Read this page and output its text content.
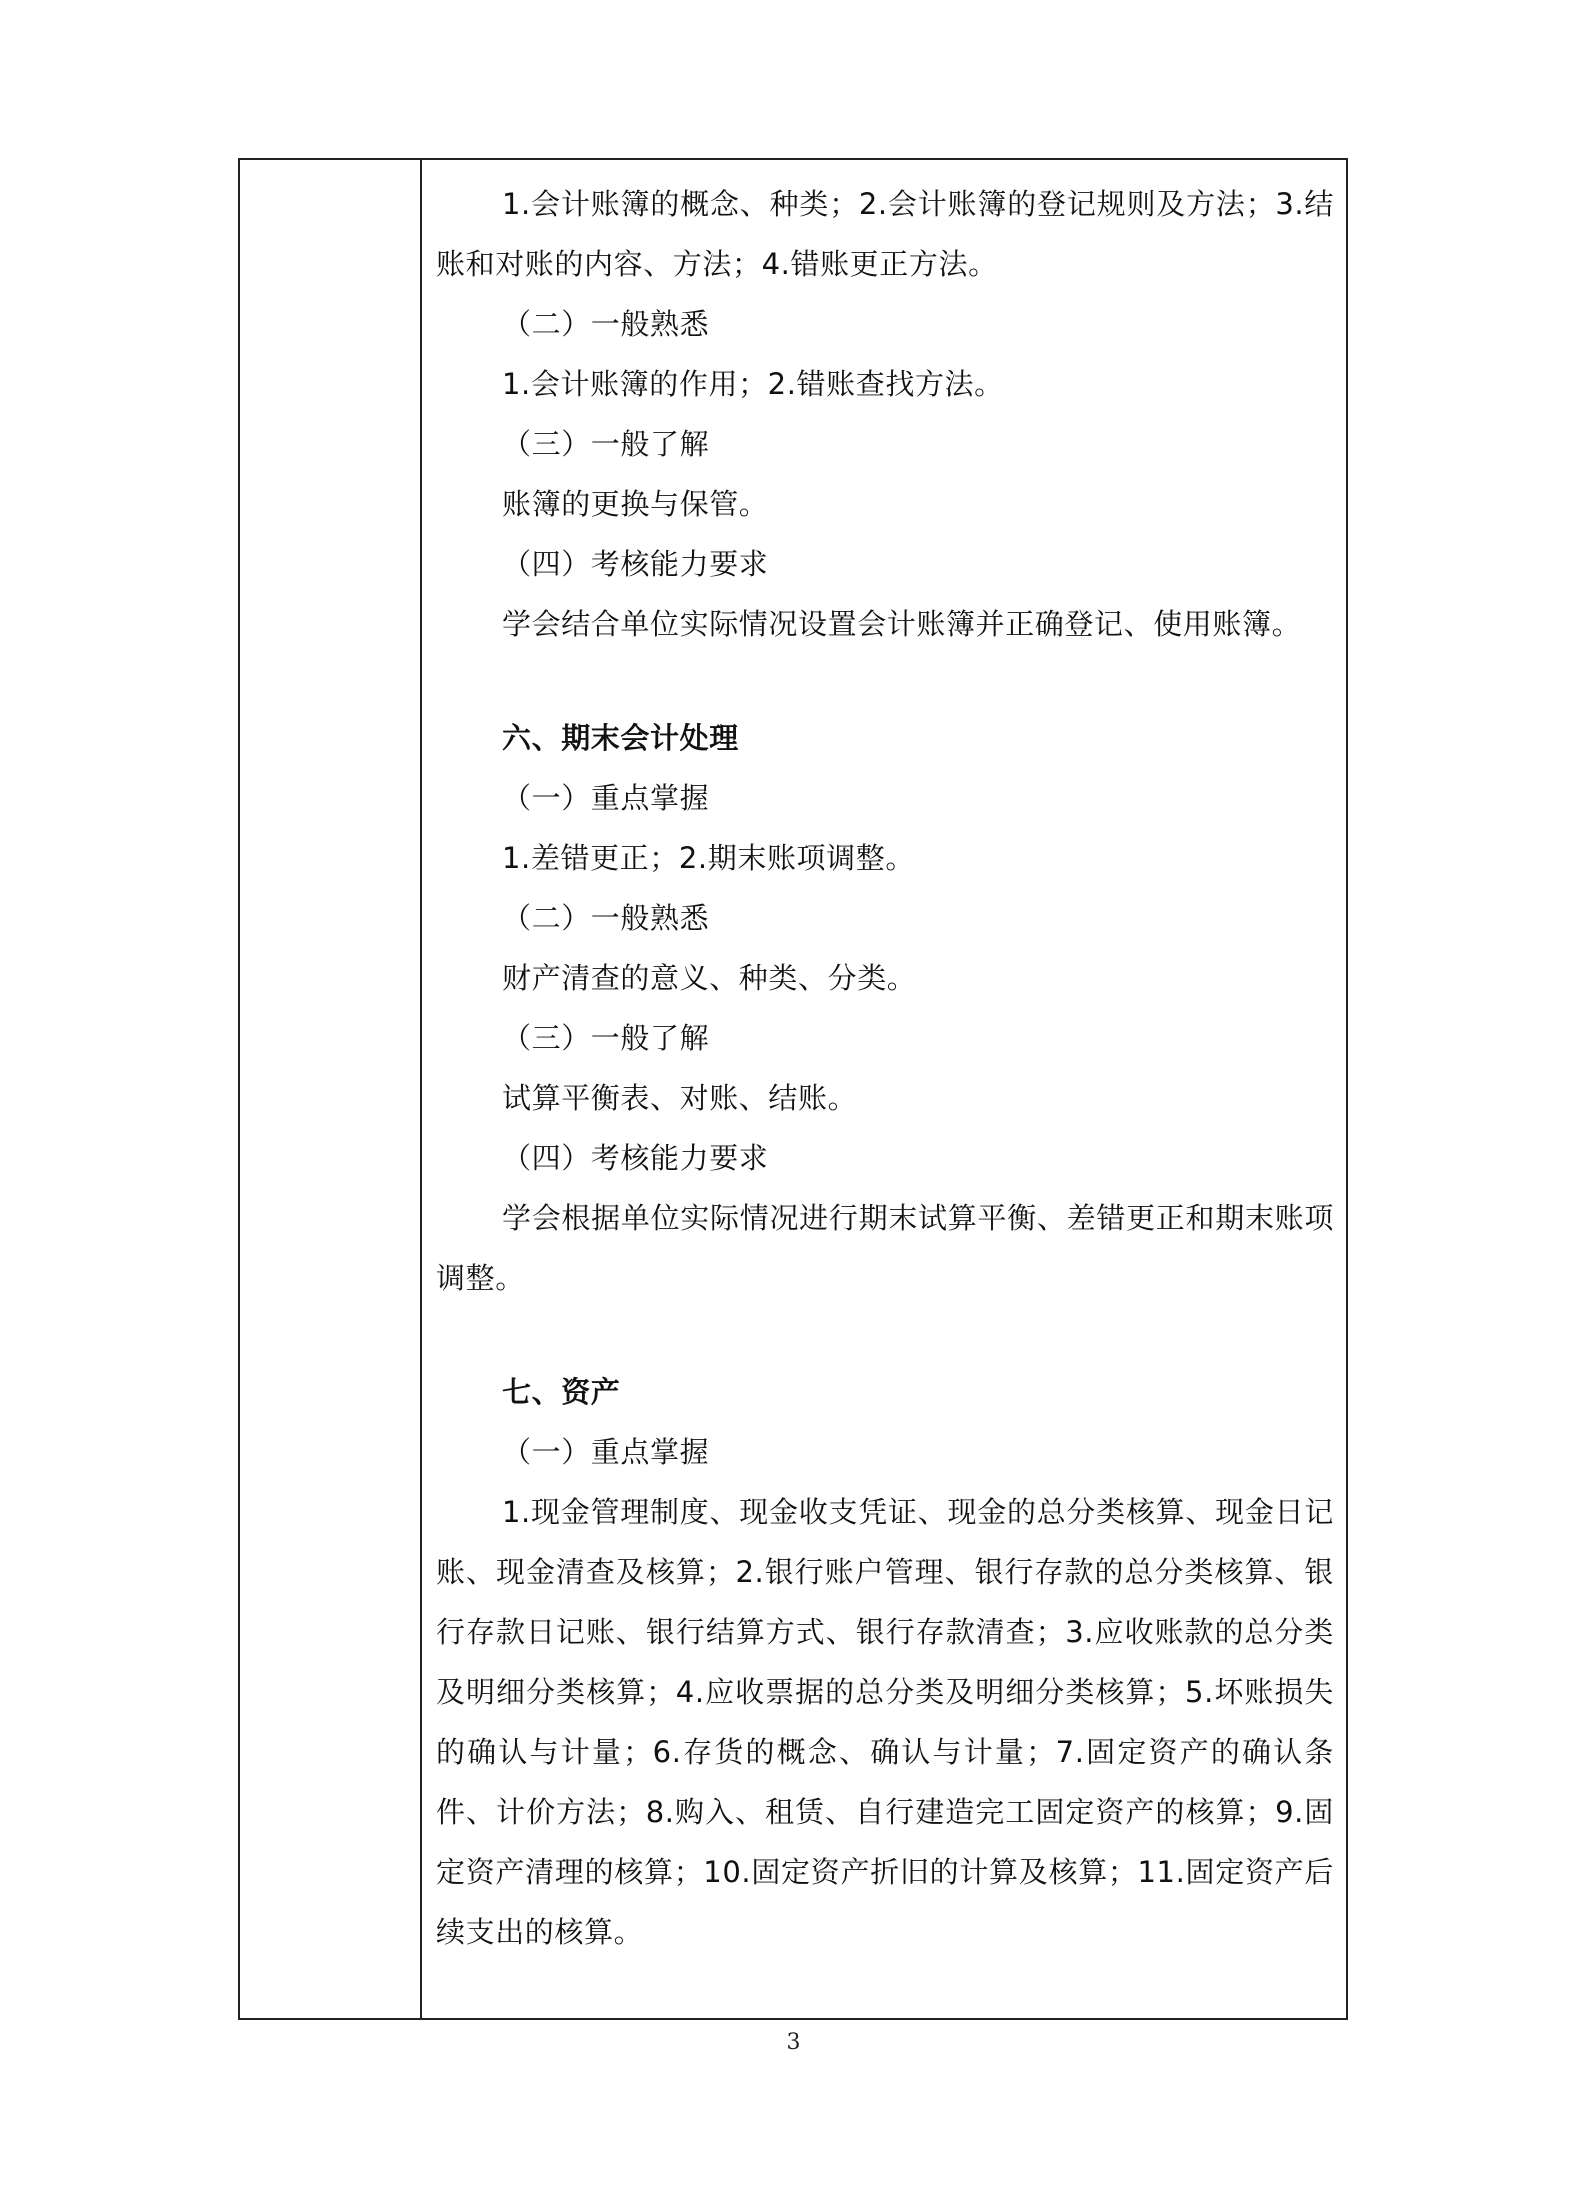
1.会计账簿的概念、种类；2.会计账簿的登记规则及方法；3.结账和对账的内容、方法；4.错账更正方法。

（二）一般熟悉

1.会计账簿的作用；2.错账查找方法。

（三）一般了解

账簿的更换与保管。

（四）考核能力要求

学会结合单位实际情况设置会计账簿并正确登记、使用账簿。

六、期末会计处理

（一）重点掌握

1.差错更正；2.期末账项调整。

（二）一般熟悉

财产清查的意义、种类、分类。

（三）一般了解

试算平衡表、对账、结账。

（四）考核能力要求

学会根据单位实际情况进行期末试算平衡、差错更正和期末账项调整。

七、资产

（一）重点掌握

1.现金管理制度、现金收支凭证、现金的总分类核算、现金日记账、现金清查及核算；2.银行账户管理、银行存款的总分类核算、银行存款日记账、银行结算方式、银行存款清查；3.应收账款的总分类及明细分类核算；4.应收票据的总分类及明细分类核算；5.坏账损失的确认与计量；6.存货的概念、确认与计量；7.固定资产的确认条件、计价方法；8.购入、租赁、自行建造完工固定资产的核算；9.固定资产清理的核算；10.固定资产折旧的计算及核算；11.固定资产后续支出的核算。

3
